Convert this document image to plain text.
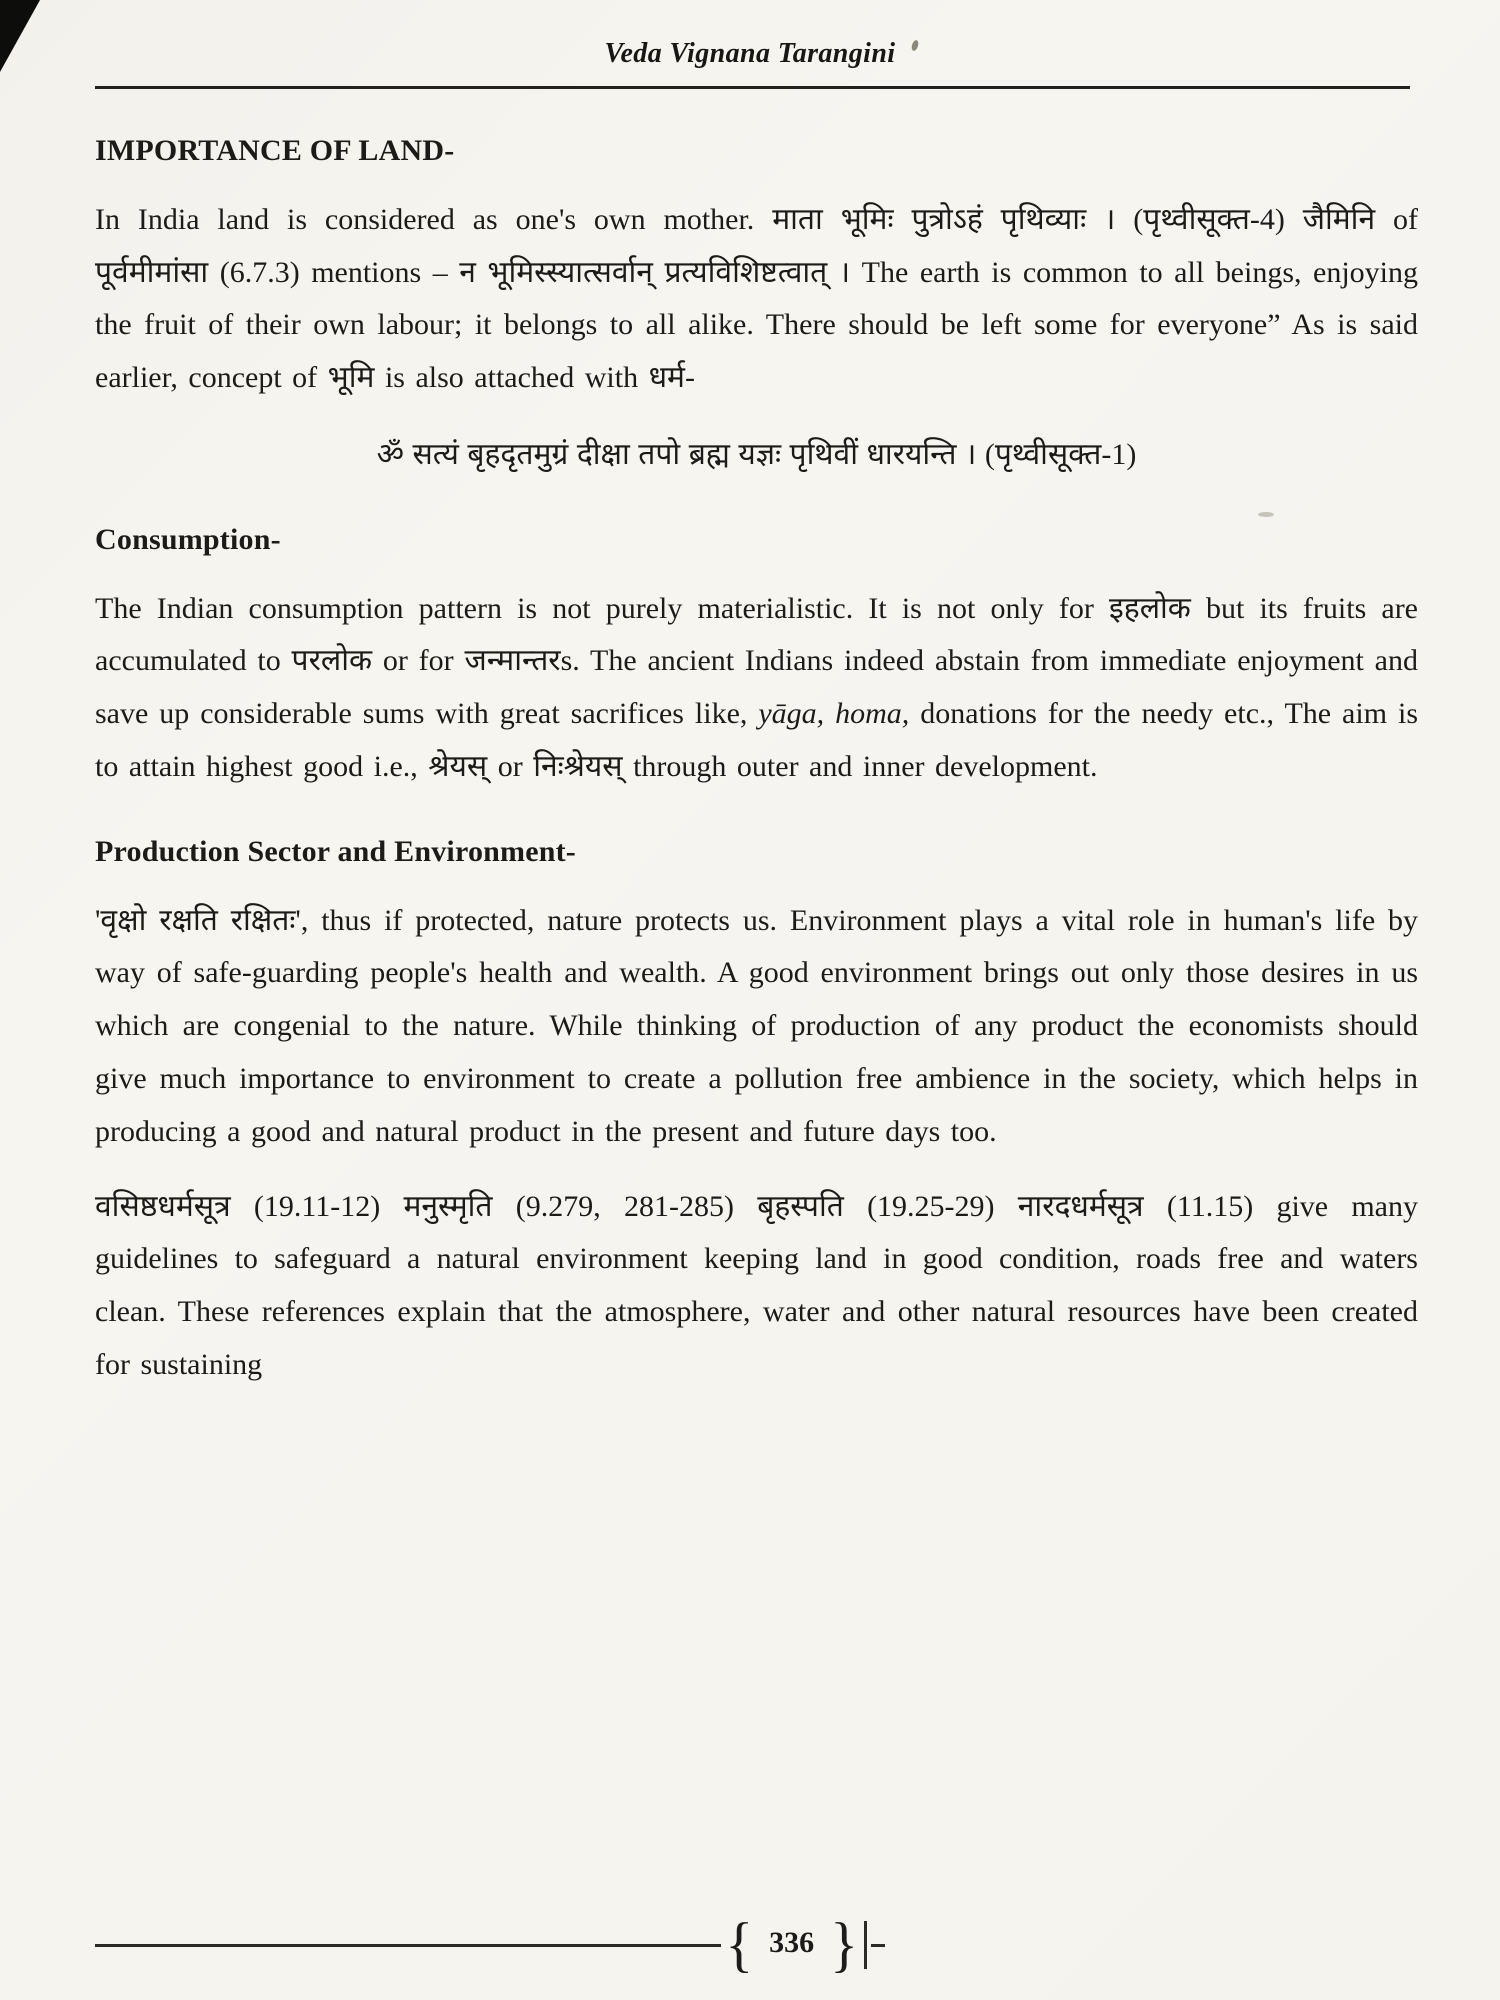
Veda Vignana Tarangini
IMPORTANCE OF LAND-

In India land is considered as one's own mother. माता भूमिः पुत्रोऽहं पृथिव्याः । (पृथ्वीसूक्त-4) जैमिनि of पूर्वमीमांसा (6.7.3) mentions – न भूमिस्स्यात्सर्वान् प्रत्यविशिष्टत्वात् । The earth is common to all beings, enjoying the fruit of their own labour; it belongs to all alike. There should be left some for everyone” As is said earlier, concept of भूमि is also attached with धर्म-

ॐ सत्यं बृहदृतमुग्रं दीक्षा तपो ब्रह्म यज्ञः पृथिवीं धारयन्ति । (पृथ्वीसूक्त-1)

Consumption-

The Indian consumption pattern is not purely materialistic. It is not only for इहलोक but its fruits are accumulated to परलोक or for जन्मान्तरs. The ancient Indians indeed abstain from immediate enjoyment and save up considerable sums with great sacrifices like, yāga, homa, donations for the needy etc., The aim is to attain highest good i.e., श्रेयस् or निःश्रेयस् through outer and inner development.

Production Sector and Environment-

'वृक्षो रक्षति रक्षितः', thus if protected, nature protects us. Environment plays a vital role in human's life by way of safe-guarding people's health and wealth. A good environment brings out only those desires in us which are congenial to the nature. While thinking of production of any product the economists should give much importance to environment to create a pollution free ambience in the society, which helps in producing a good and natural product in the present and future days too.

वसिष्ठधर्मसूत्र (19.11-12) मनुस्मृति (9.279, 281-285) बृहस्पति (19.25-29) नारदधर्मसूत्र (11.15) give many guidelines to safeguard a natural environment keeping land in good condition, roads free and waters clean. These references explain that the atmosphere, water and other natural resources have been created for sustaining

{ 336 }
